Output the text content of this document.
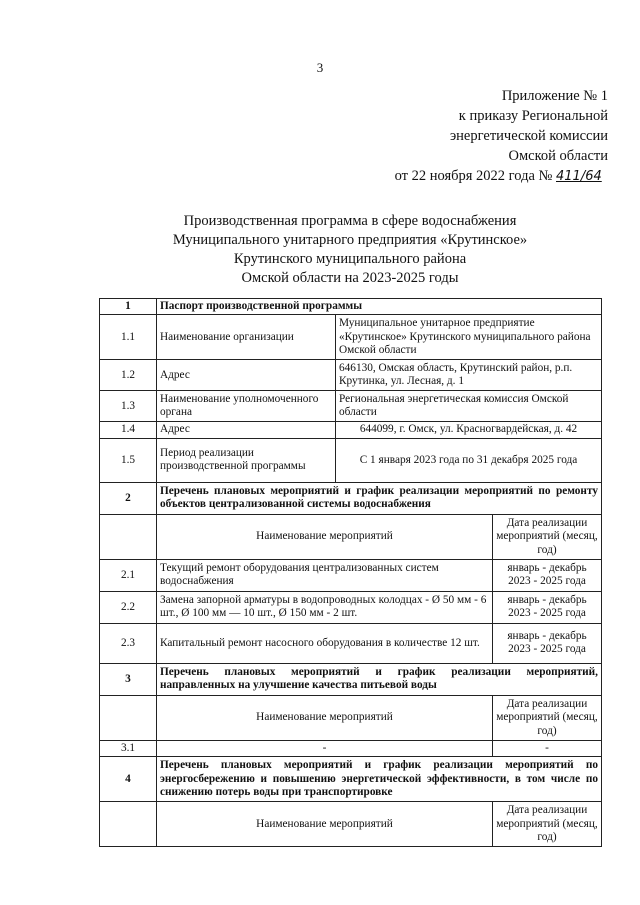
3
Приложение № 1
к приказу Региональной
энергетической комиссии
Омской области
от 22 ноября 2022 года № 411/64
Производственная программа в сфере водоснабжения
Муниципального унитарного предприятия «Крутинское»
Крутинского муниципального района
Омской области на 2023-2025 годы
1	Паспорт производственной программы		
1.1	Наименование организации	Муниципальное унитарное предприятие «Крутинское» Крутинского муниципального района Омской области	
1.2	Адрес	646130, Омская область, Крутинский район, р.п. Крутинка, ул. Лесная, д. 1	
1.3	Наименование уполномоченного органа	Региональная энергетическая комиссия Омской области	
1.4	Адрес	644099, г. Омск, ул. Красногвардейская, д. 42	
1.5	Период реализации производственной программы	С 1 января 2023 года по 31 декабря 2025 года	
2	Перечень плановых мероприятий и график реализации мероприятий по ремонту объектов централизованной системы водоснабжения		
	Наименование мероприятий		Дата реализации мероприятий (месяц, год)
2.1	Текущий ремонт оборудования централизованных систем водоснабжения		январь - декабрь 2023 - 2025 года
2.2	Замена запорной арматуры в водопроводных колодцах - Ø 50 мм - 6 шт., Ø 100 мм — 10 шт., Ø 150 мм - 2 шт.		январь - декабрь 2023 - 2025 года
2.3	Капитальный ремонт насосного оборудования в количестве 12 шт.		январь - декабрь 2023 - 2025 года
3	Перечень плановых мероприятий и график реализации мероприятий, направленных на улучшение качества питьевой воды		
	Наименование мероприятий		Дата реализации мероприятий (месяц, год)
3.1	-		-
4	Перечень плановых мероприятий и график реализации мероприятий по энергосбережению и повышению энергетической эффективности, в том числе по снижению потерь воды при транспортировке		
	Наименование мероприятий		Дата реализации мероприятий (месяц, год)
